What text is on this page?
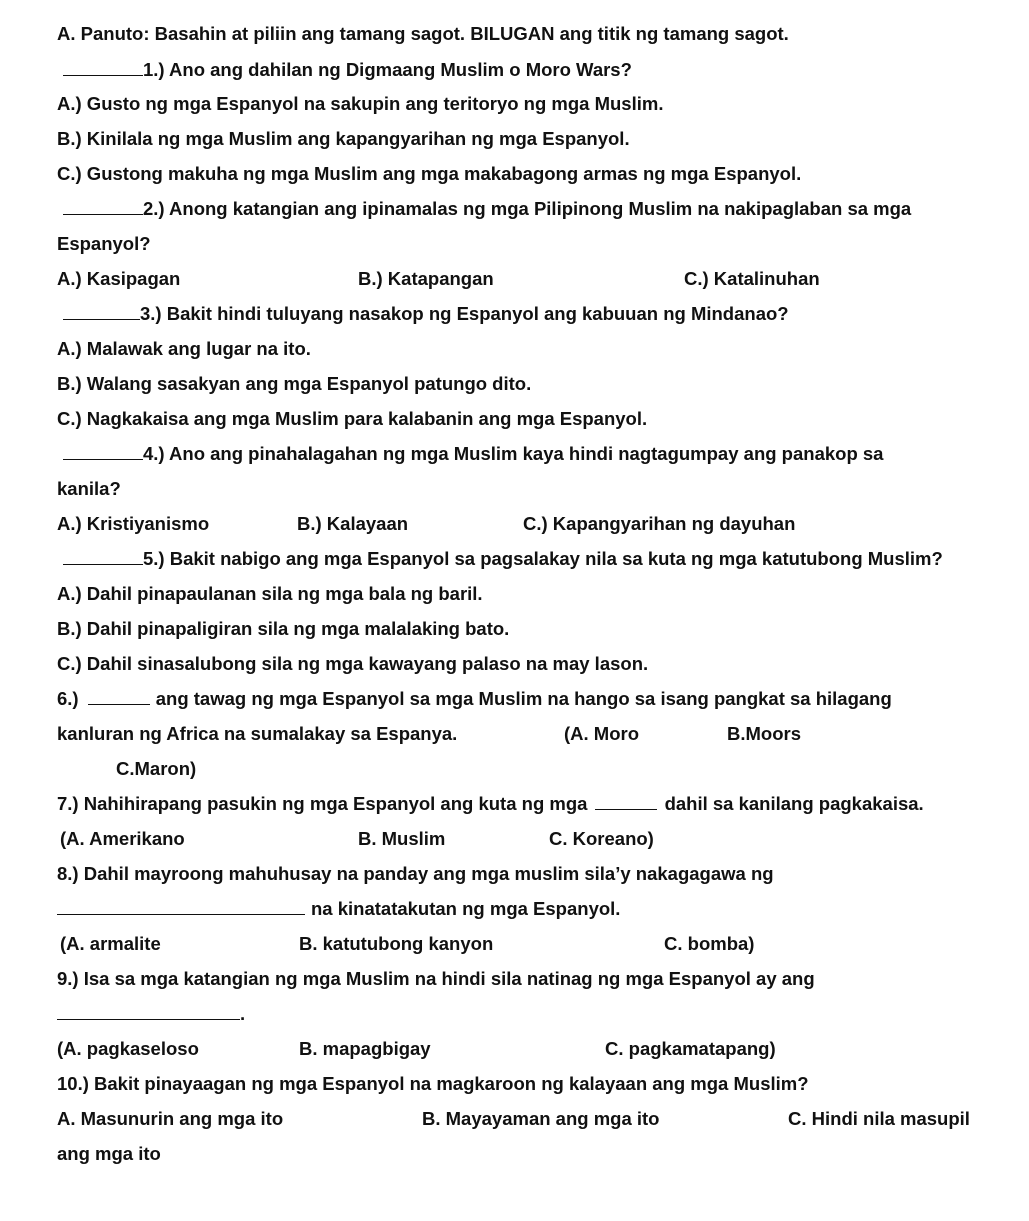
A. Panuto: Basahin at piliin ang tamang sagot. BILUGAN ang titik ng tamang sagot.
1.) Ano ang dahilan ng Digmaang Muslim o Moro Wars?
A.) Gusto ng mga Espanyol na sakupin ang teritoryo ng mga Muslim.
B.) Kinilala ng mga Muslim ang kapangyarihan ng mga Espanyol.
C.) Gustong makuha ng mga Muslim ang mga makabagong armas ng mga Espanyol.
2.) Anong katangian ang ipinamalas ng mga Pilipinong Muslim na nakipaglaban sa mga
Espanyol?
A.) Kasipagan	B.) Katapangan	C.) Katalinuhan
3.) Bakit hindi tuluyang nasakop ng Espanyol ang kabuuan ng Mindanao?
A.) Malawak ang lugar na ito.
B.) Walang sasakyan ang mga Espanyol patungo dito.
C.) Nagkakaisa ang mga Muslim para kalabanin ang mga Espanyol.
4.) Ano ang pinahalagahan ng mga Muslim kaya hindi nagtagumpay ang panakop sa
kanila?
A.) Kristiyanismo	B.) Kalayaan	C.) Kapangyarihan ng dayuhan
5.) Bakit nabigo ang mga Espanyol sa pagsalakay nila sa kuta ng mga katutubong Muslim?
A.) Dahil pinapaulanan sila ng mga bala ng baril.
B.) Dahil pinapaligiran sila ng mga malalaking bato.
C.) Dahil sinasalubong sila ng mga kawayang palaso na may lason.
6.)	ang tawag ng mga Espanyol sa mga Muslim na hango sa isang pangkat sa hilagang
kanluran ng Africa na sumalakay sa Espanya.	(A. Moro	B.Moors
C.Maron)
7.) Nahihirapang pasukin ng mga Espanyol ang kuta ng mga	dahil sa kanilang pagkakaisa.
(A. Amerikano	B. Muslim	C. Koreano)
8.) Dahil mayroong mahuhusay na panday ang mga muslim sila’y nakagagawa ng
na kinatatakutan ng mga Espanyol.
(A. armalite	B. katutubong kanyon	C. bomba)
9.) Isa sa mga katangian ng mga Muslim na hindi sila natinag ng mga Espanyol ay ang
.
(A. pagkaseloso	B. mapagbigay	C. pagkamatapang)
10.) Bakit pinayaagan ng mga Espanyol na magkaroon ng kalayaan ang mga Muslim?
A. Masunurin ang mga ito	B. Mayayaman ang mga ito	C. Hindi nila masupil
ang mga ito
